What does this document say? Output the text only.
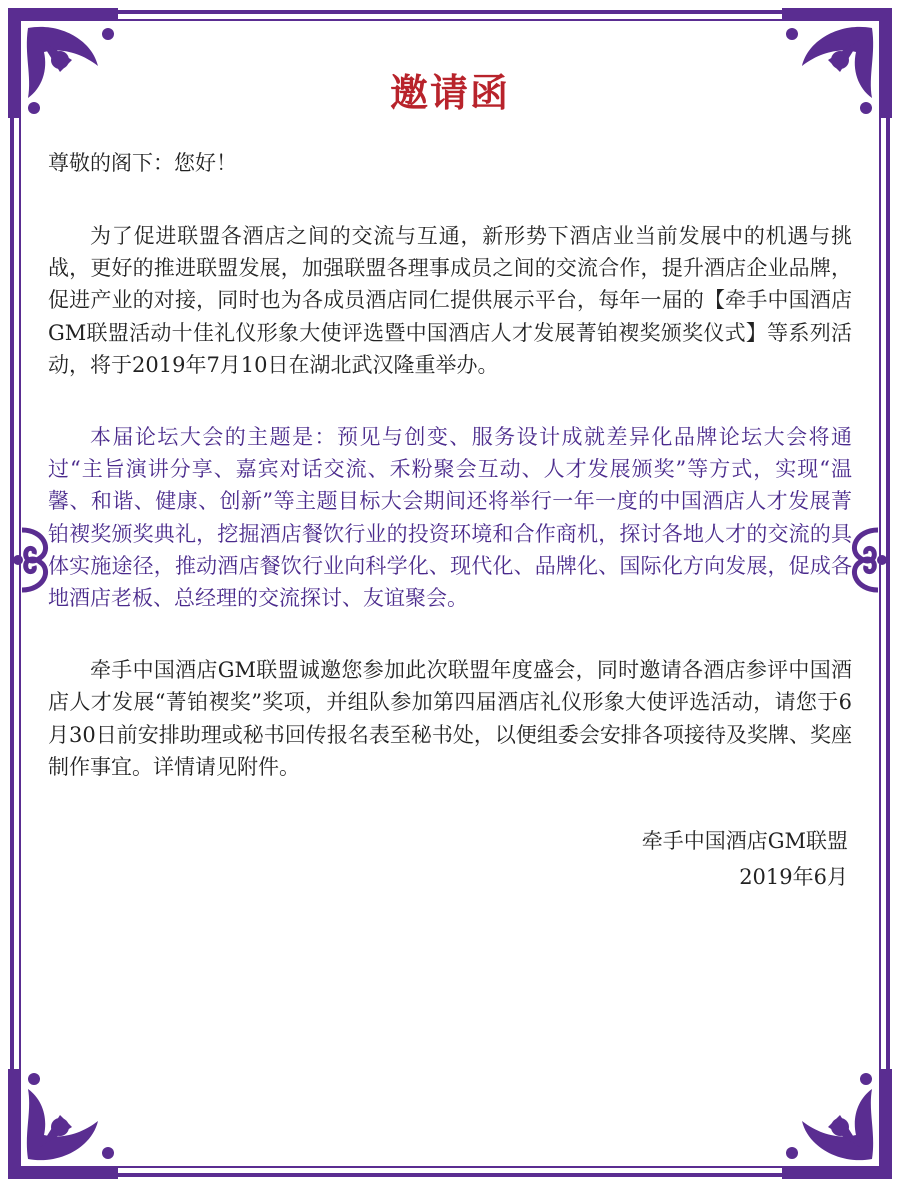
邀请函

尊敬的阁下：您好！

为了促进联盟各酒店之间的交流与互通，新形势下酒店业当前发展中的机遇与挑战，更好的推进联盟发展，加强联盟各理事成员之间的交流合作，提升酒店企业品牌，促进产业的对接，同时也为各成员酒店同仁提供展示平台，每年一届的【牵手中国酒店GM联盟活动十佳礼仪形象大使评选暨中国酒店人才发展菁铂褉奖颁奖仪式】等系列活动，将于2019年7月10日在湖北武汉隆重举办。

本届论坛大会的主题是：预见与创变、服务设计成就差异化品牌论坛大会将通过“主旨演讲分享、嘉宾对话交流、禾粉聚会互动、人才发展颁奖”等方式，实现“温馨、和谐、健康、创新”等主题目标大会期间还将举行一年一度的中国酒店人才发展菁铂褉奖颁奖典礼，挖掘酒店餐饮行业的投资环境和合作商机，探讨各地人才的交流的具体实施途径，推动酒店餐饮行业向科学化、现代化、品牌化、国际化方向发展，促成各地酒店老板、总经理的交流探讨、友谊聚会。

牵手中国酒店GM联盟诚邀您参加此次联盟年度盛会，同时邀请各酒店参评中国酒店人才发展“菁铂褉奖”奖项，并组队参加第四届酒店礼仪形象大使评选活动，请您于6月30日前安排助理或秘书回传报名表至秘书处，以便组委会安排各项接待及奖牌、奖座制作事宜。详情请见附件。

牵手中国酒店GM联盟
2019年6月
